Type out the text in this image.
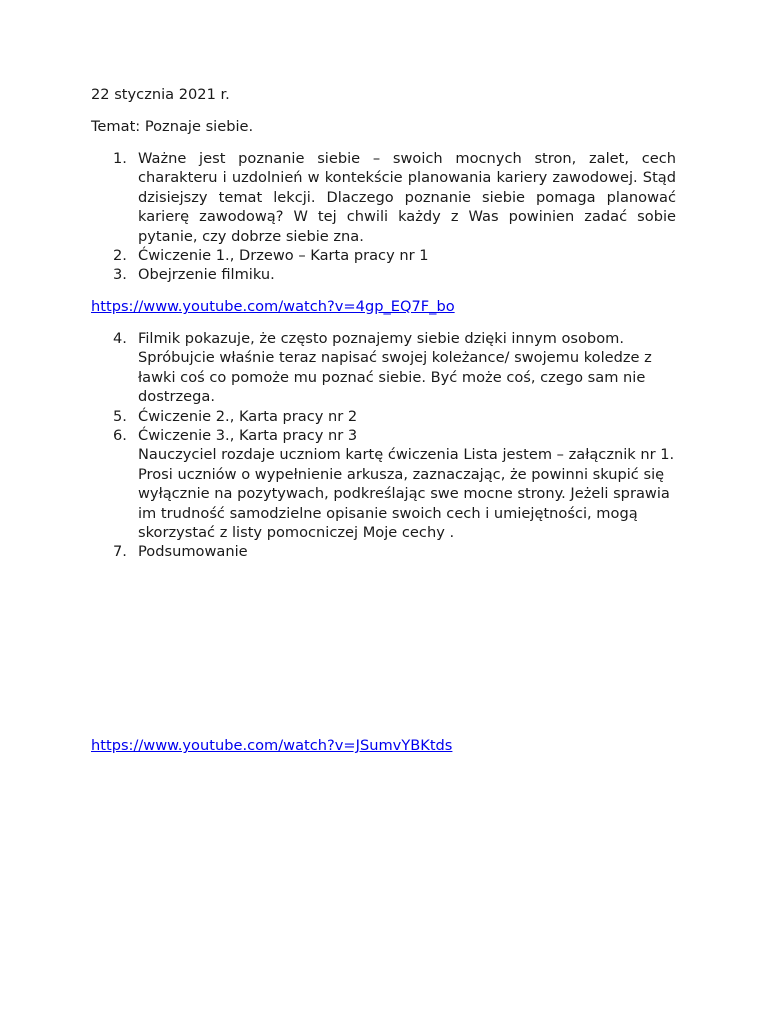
22 stycznia 2021 r.
Temat: Poznaje siebie.
1. Ważne jest poznanie siebie – swoich mocnych stron, zalet, cech charakteru i uzdolnień w kontekście planowania kariery zawodowej. Stąd dzisiejszy temat lekcji. Dlaczego poznanie siebie pomaga planować karierę zawodową? W tej chwili każdy z Was powinien zadać sobie pytanie, czy dobrze siebie zna.
2. Ćwiczenie 1., Drzewo – Karta pracy nr 1
3. Obejrzenie filmiku.
https://www.youtube.com/watch?v=4gp_EQ7F_bo
4. Filmik pokazuje, że często poznajemy siebie dzięki innym osobom. Spróbujcie właśnie teraz napisać swojej koleżance/ swojemu koledze z ławki coś co pomoże mu poznać siebie. Być może coś, czego sam nie dostrzega.
5. Ćwiczenie 2., Karta pracy nr 2
6. Ćwiczenie 3., Karta pracy nr 3
Nauczyciel rozdaje uczniom kartę ćwiczenia Lista jestem – załącznik nr 1. Prosi uczniów o wypełnienie arkusza, zaznaczając, że powinni skupić się wyłącznie na pozytywach, podkreślając swe mocne strony. Jeżeli sprawia im trudność samodzielne opisanie swoich cech i umiejętności, mogą skorzystać z listy pomocniczej Moje cechy .
7. Podsumowanie
https://www.youtube.com/watch?v=JSumvYBKtds
